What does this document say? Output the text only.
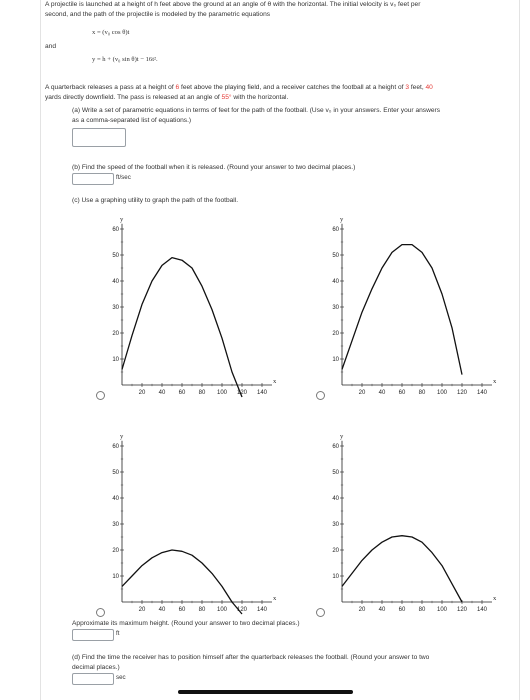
A projectile is launched at a height of h feet above the ground at an angle of θ with the horizontal. The initial velocity is v₀ feet per
second, and the path of the projectile is modeled by the parametric equations
x = (v₀ cos θ)t
and
y = h + (v₀ sin θ)t − 16t².
A quarterback releases a pass at a height of 6 feet above the playing field, and a receiver catches the football at a height of 3 feet, 40
yards directly downfield. The pass is released at an angle of 55° with the horizontal.
(a) Write a set of parametric equations in terms of feet for the path of the football. (Use v₀ in your answers. Enter your answers
as a comma-separated list of equations.)
(b) Find the speed of the football when it is released. (Round your answer to two decimal places.)
ft/sec
(c) Use a graphing utility to graph the path of the football.
x
y
20 40 60 80 100 120 140
10
20
30
40
50
60
x
y
20 40 60 80 100 120 140
10
20
30
40
50
60
x
y
20 40 60 80 100 120 140
10
20
30
40
50
60
x
y
20 40 60 80 100 120 140
10
20
30
40
50
60
Approximate its maximum height. (Round your answer to two decimal places.)
ft
(d) Find the time the receiver has to position himself after the quarterback releases the football. (Round your answer to two
decimal places.)
sec
